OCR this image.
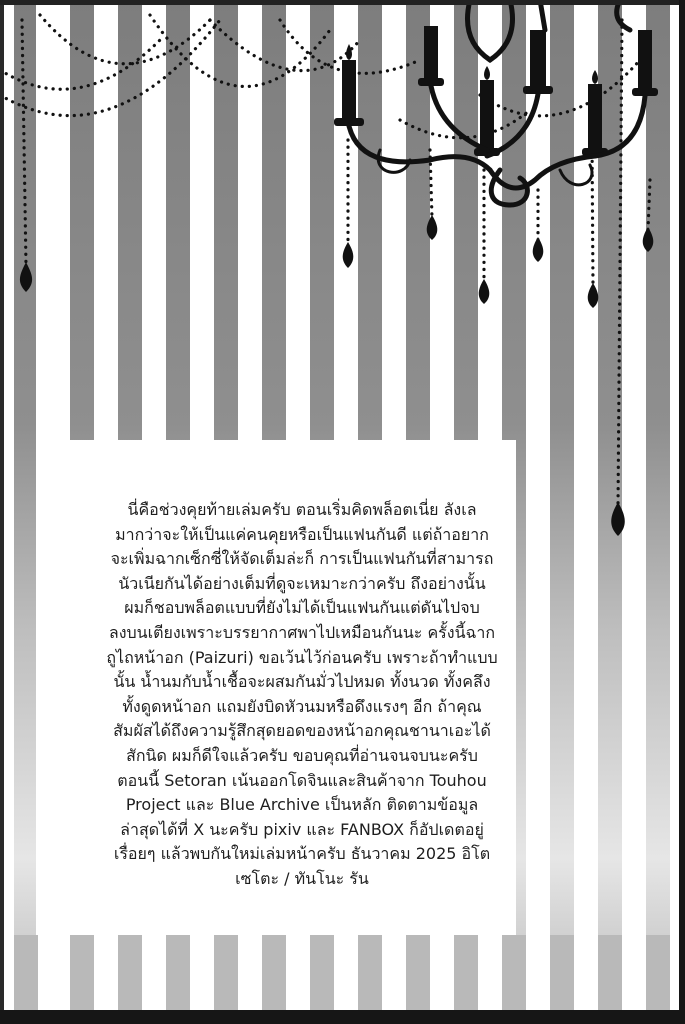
นี่คือช่วงคุยท้ายเล่มครับ ตอนเริ่มคิดพล็อตเนี่ย ลังเล
มากว่าจะให้เป็นแค่คนคุยหรือเป็นแฟนกันดี แต่ถ้าอยาก
จะเพิ่มฉากเซ็กซี่ให้จัดเต็มล่ะก็ การเป็นแฟนกันที่สามารถ
นัวเนียกันได้อย่างเต็มที่ดูจะเหมาะกว่าครับ ถึงอย่างนั้น
ผมก็ชอบพล็อตแบบที่ยังไม่ได้เป็นแฟนกันแต่ดันไปจบ
ลงบนเตียงเพราะบรรยากาศพาไปเหมือนกันนะ ครั้งนี้ฉาก
ถูไถหน้าอก (Paizuri) ขอเว้นไว้ก่อนครับ เพราะถ้าทำแบบ
นั้น น้ำนมกับน้ำเชื้อจะผสมกันมั่วไปหมด ทั้งนวด ทั้งคลึง
ทั้งดูดหน้าอก แถมยังบิดหัวนมหรือดึงแรงๆ อีก ถ้าคุณ
สัมผัสได้ถึงความรู้สึกสุดยอดของหน้าอกคุณชานาเอะได้
สักนิด ผมก็ดีใจแล้วครับ ขอบคุณที่อ่านจนจบนะครับ
ตอนนี้ Setoran เน้นออกโดจินและสินค้าจาก Touhou
Project และ Blue Archive เป็นหลัก ติดตามข้อมูล
ล่าสุดได้ที่ X นะครับ pixiv และ FANBOX ก็อัปเดตอยู่
เรื่อยๆ แล้วพบกันใหม่เล่มหน้าครับ ธันวาคม 2025 อิโต
เซโตะ / ทันโนะ รัน
